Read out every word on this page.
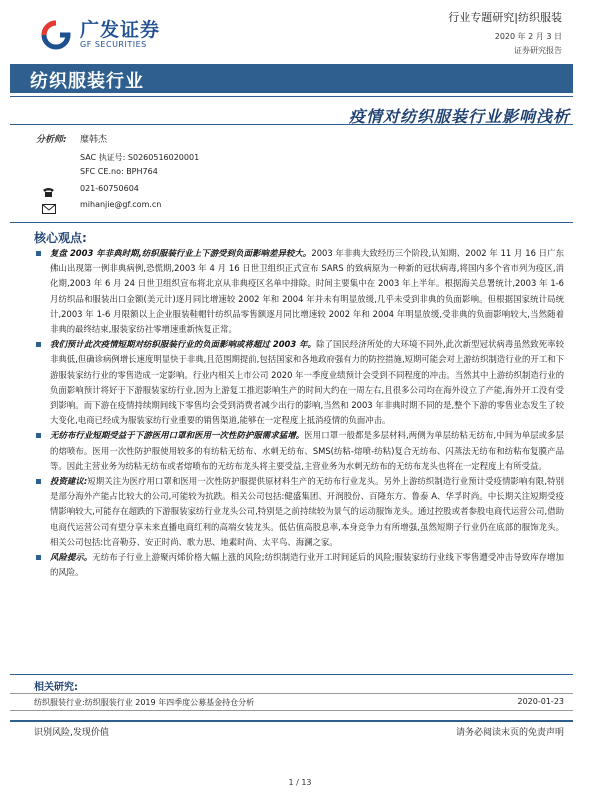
广发证券
GF SECURITIES
行业专题研究|纺织服装
2020 年 2 月 3 日
证券研究报告
纺织服装行业
疫情对纺织服装行业影响浅析
分析师: 糜韩杰
SAC 执证号: S0260516020001
SFC CE.no: BPH764
021-60750604
mihanjie@gf.com.cn
核心观点:
复盘 2003 年非典时期,纺织服装行业上下游受到负面影响差异较大。2003 年非典大致经历三个阶段,认知期、2002 年 11 月 16 日广东佛山出现第一例非典病例,恐慌期,2003 年 4 月 16 日世卫组织正式宣布 SARS 的致病原为一种新的冠状病毒,将国内多个省市列为疫区,消化期,2003 年 6 月 24 日世卫组织宣布将北京从非典疫区名单中排除。时间主要集中在 2003 年上半年。根据海关总署统计,2003 年 1-6 月纺织品和服装出口金额(美元计)逐月同比增速较 2002 年和 2004 年并未有明显放缓,几乎未受到非典的负面影响。但根据国家统计局统计,2003 年 1-6 月限额以上企业服装鞋帽针纺织品零售额逐月同比增速较 2002 年和 2004 年明显放缓,受非典的负面影响较大,当然随着非典的最终结束,服装家纺社零增速重新恢复正常。
我们预计此次疫情短期对纺织服装行业的负面影响或将超过 2003 年。除了国民经济所处的大环境不同外,此次新型冠状病毒虽然致死率较非典低,但确诊病例增长速度明显快于非典,且范围期提前,包括国家和各地政府强有力的防控措施,短期可能会对上游纺织制造行业的开工和下游服装家纺行业的零售造成一定影响。行业内相关上市公司 2020 年一季度业绩预计会受到不同程度的冲击。当然其中上游纺织制造行业的负面影响预计将好于下游服装家纺行业,因为上游复工推迟影响生产的时间大约在一周左右,且很多公司均在海外设立了产能,海外开工没有受到影响。而下游在疫情持续期间线下零售均会受到消费者减少出行的影响,当然和 2003 年非典时期不同的是,整个下游的零售业态发生了较大变化,电商已经成为服装家纺行业重要的销售渠道,能够在一定程度上抵消疫情的负面冲击。
无纺布行业短期受益于下游医用口罩和医用一次性防护服需求猛增。医用口罩一般都是多层材料,两侧为单层纺粘无纺布,中间为单层或多层的熔喷布。医用一次性防护服使用较多的有纺粘无纺布、水刺无纺布、SMS(纺粘-熔喷-纺粘)复合无纺布、闪蒸法无纺布和纺粘布复膜产品等。因此主营业务为纺粘无纺布或者熔喷布的无纺布龙头将主要受益,主营业务为水刺无纺布的无纺布龙头也将在一定程度上有所受益。
投资建议:短期关注为医疗用口罩和医用一次性防护服提供原材料生产的无纺布行业龙头。另外上游纺织制造行业预计受疫情影响有限,特别是部分海外产能占比较大的公司,可能较为抗跌。相关公司包括:健盛集团、开润股份、百隆东方、鲁泰 A、华孚时尚。中长期关注短期受疫情影响较大,可能存在超跌的下游服装家纺行业龙头公司,特别是之前持续较为景气的运动服饰龙头。通过控股或者参股电商代运营公司,借助电商代运营公司有望分享未来直播电商红利的高端女装龙头。低估值高股息率,本身竞争力有所增强,虽然短期子行业仍在底部的服饰龙头。相关公司包括:比音勒芬、安正时尚、歌力思、地素时尚、太平鸟、海澜之家。
风险提示。无纺布子行业上游聚丙烯价格大幅上涨的风险;纺织制造行业开工时间延后的风险;服装家纺行业线下零售遭受冲击导致库存增加的风险。
相关研究:
纺织服装行业:纺织服装行业 2019 年四季度公募基金持仓分析	2020-01-23
识别风险,发现价值	请务必阅读末页的免责声明
1 / 13
